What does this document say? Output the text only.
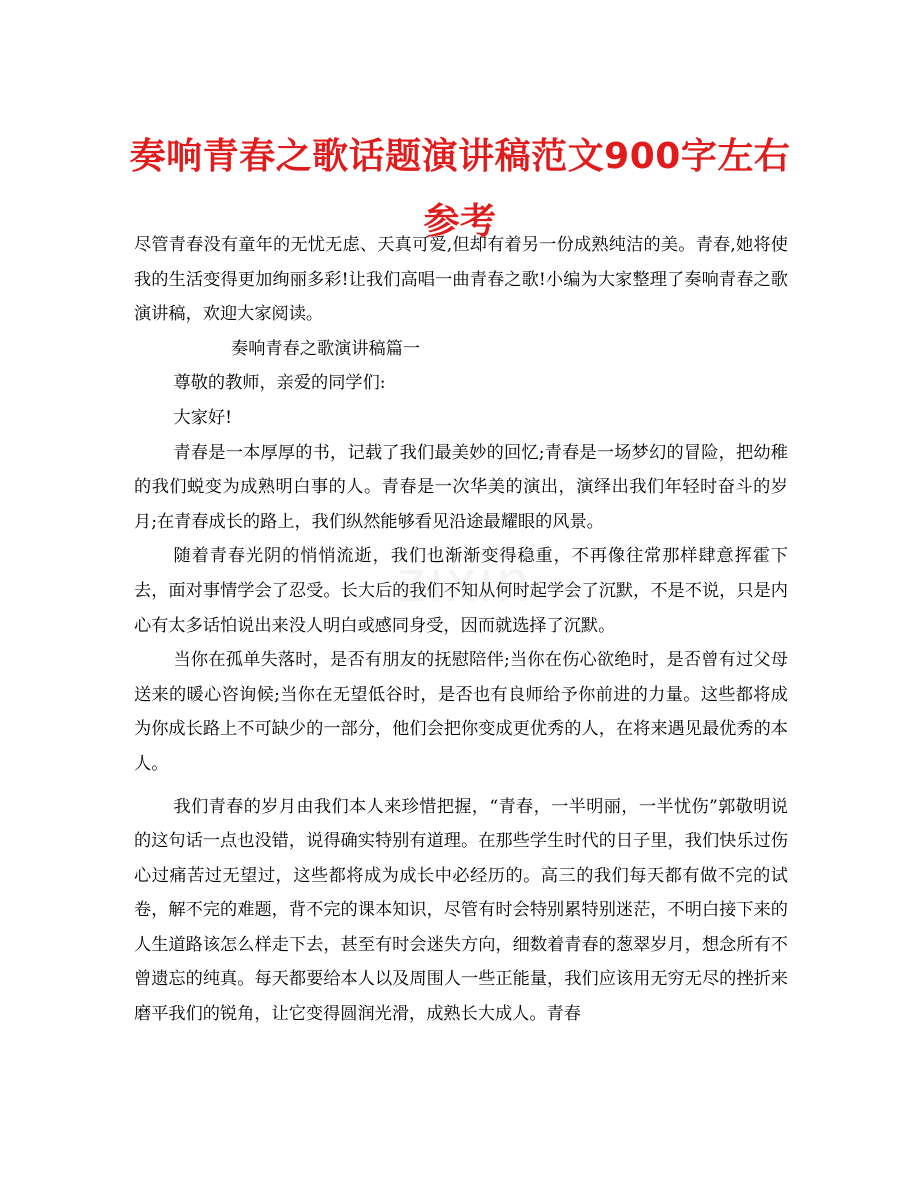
奏响青春之歌话题演讲稿范文900字左右
参考

尽管青春没有童年的无忧无虑、天真可爱,但却有着另一份成熟纯洁的美。青春,她将使我的生活变得更加绚丽多彩!让我们高唱一曲青春之歌!小编为大家整理了奏响青春之歌演讲稿，欢迎大家阅读。

奏响青春之歌演讲稿篇一

尊敬的教师，亲爱的同学们:

大家好!

青春是一本厚厚的书，记载了我们最美妙的回忆;青春是一场梦幻的冒险，把幼稚的我们蜕变为成熟明白事的人。青春是一次华美的演出，演绎出我们年轻时奋斗的岁月;在青春成长的路上，我们纵然能够看见沿途最耀眼的风景。

随着青春光阴的悄悄流逝，我们也渐渐变得稳重，不再像往常那样肆意挥霍下去，面对事情学会了忍受。长大后的我们不知从何时起学会了沉默，不是不说，只是内心有太多话怕说出来没人明白或感同身受，因而就选择了沉默。

当你在孤单失落时，是否有朋友的抚慰陪伴;当你在伤心欲绝时，是否曾有过父母送来的暖心咨询候;当你在无望低谷时，是否也有良师给予你前进的力量。这些都将成为你成长路上不可缺少的一部分，他们会把你变成更优秀的人，在将来遇见最优秀的本人。

我们青春的岁月由我们本人来珍惜把握，“青春，一半明丽，一半忧伤”郭敬明说的这句话一点也没错，说得确实特别有道理。在那些学生时代的日子里，我们快乐过伤心过痛苦过无望过，这些都将成为成长中必经历的。高三的我们每天都有做不完的试卷，解不完的难题，背不完的课本知识，尽管有时会特别累特别迷茫，不明白接下来的人生道路该怎么样走下去，甚至有时会迷失方向，细数着青春的葱翠岁月，想念所有不曾遗忘的纯真。每天都要给本人以及周围人一些正能量，我们应该用无穷无尽的挫折来磨平我们的锐角，让它变得圆润光滑，成熟长大成人。青春
